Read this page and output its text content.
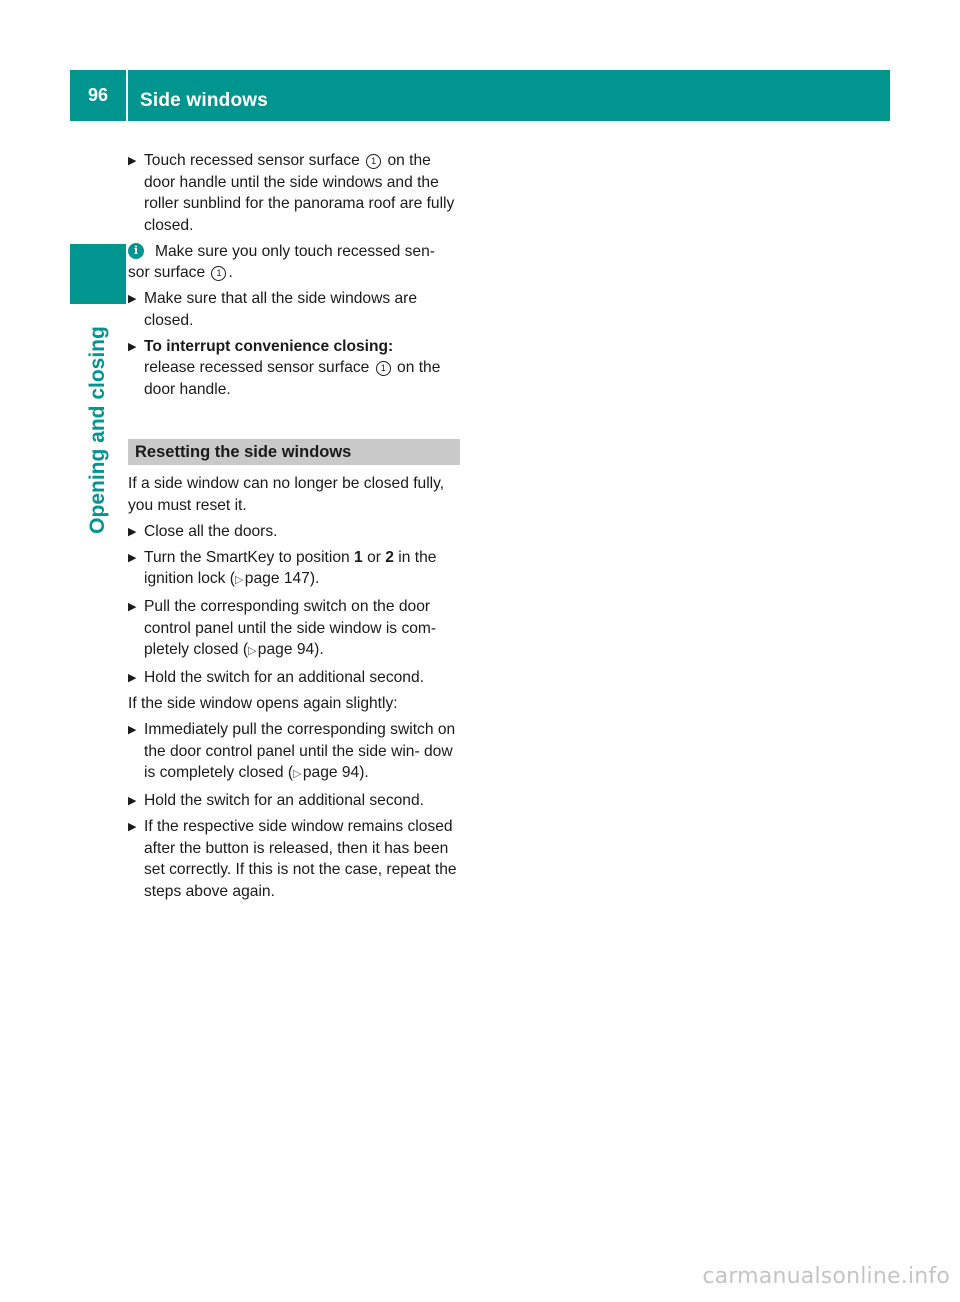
96	Side windows
Opening and closing
▶ Touch recessed sensor surface 1 on the door handle until the side windows and the roller sunblind for the panorama roof are fully closed.
i	Make sure you only touch recessed sen-
sor surface 1 .
▶ Make sure that all the side windows are closed.
▶ To interrupt convenience closing:
release recessed sensor surface 1 on the door handle.
Resetting the side windows
If a side window can no longer be closed fully, you must reset it.
▶ Close all the doors.
▶ Turn the SmartKey to position 1 or 2 in the ignition lock (▷ page 147).
▶ Pull the corresponding switch on the door control panel until the side window is com- pletely closed (▷ page 94).
▶ Hold the switch for an additional second.
If the side window opens again slightly:
▶ Immediately pull the corresponding switch on the door control panel until the side win- dow is completely closed (▷ page 94).
▶ Hold the switch for an additional second.
▶ If the respective side window remains closed after the button is released, then it has been set correctly. If this is not the case, repeat the steps above again.
carmanualsonline.info
